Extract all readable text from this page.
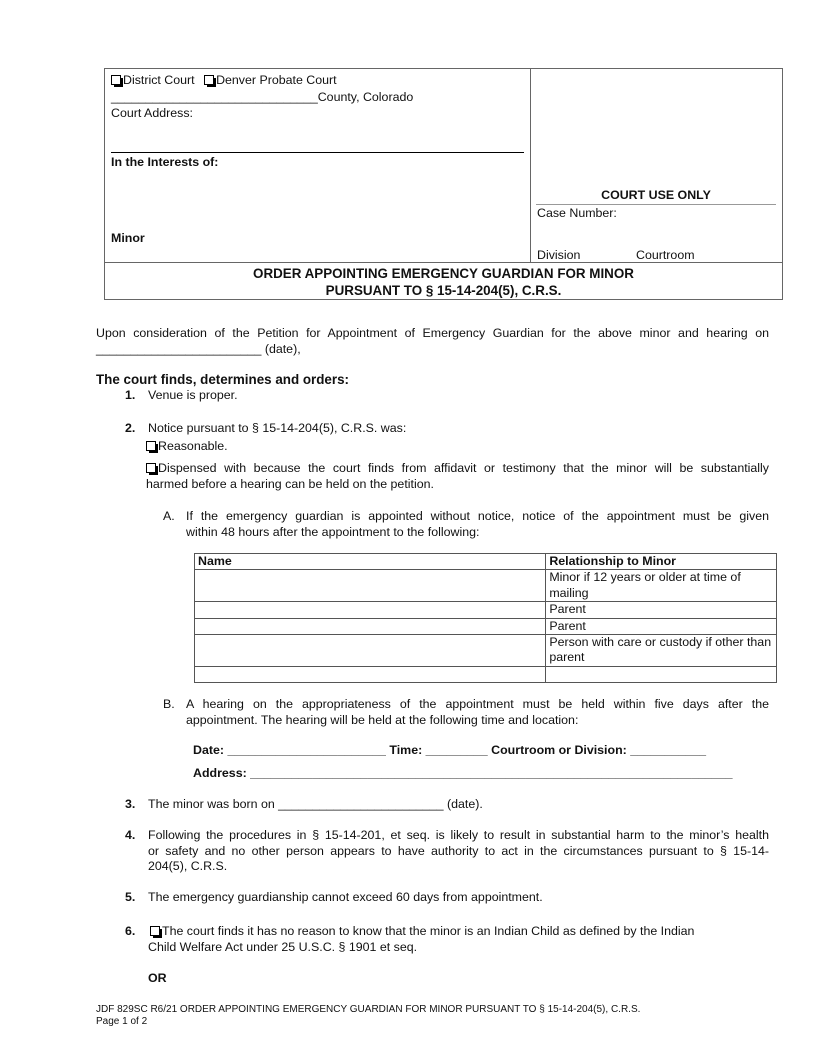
District Court Denver Probate Court
______________________________County, Colorado
Court Address:
In the Interests of:
Minor
COURT USE ONLY
Case Number:
Division	Courtroom
ORDER APPOINTING EMERGENCY GUARDIAN FOR MINOR
PURSUANT TO § 15-14-204(5), C.R.S.
Upon consideration of the Petition for Appointment of Emergency Guardian for the above minor and hearing on
________________________ (date),
The court finds, determines and orders:
1. Venue is proper.
2. Notice pursuant to § 15-14-204(5), C.R.S. was:
Reasonable.
Dispensed with because the court finds from affidavit or testimony that the minor will be substantially
harmed before a hearing can be held on the petition.
A. If the emergency guardian is appointed without notice, notice of the appointment must be given
within 48 hours after the appointment to the following:
Name	Relationship to Minor
	Minor if 12 years or older at time of mailing
	Parent
	Parent
	Person with care or custody if other than parent

B. A hearing on the appropriateness of the appointment must be held within five days after the
appointment. The hearing will be held at the following time and location:
Date: _______________________ Time: _________ Courtroom or Division: ___________
Address: ______________________________________________________________________
3. The minor was born on ________________________ (date).
4. Following the procedures in § 15-14-201, et seq. is likely to result in substantial harm to the minor’s health
or safety and no other person appears to have authority to act in the circumstances pursuant to § 15-14-
204(5), C.R.S.
5. The emergency guardianship cannot exceed 60 days from appointment.
6.	The court finds it has no reason to know that the minor is an Indian Child as defined by the Indian
Child Welfare Act under 25 U.S.C. § 1901 et seq.
OR
JDF 829SC R6/21 ORDER APPOINTING EMERGENCY GUARDIAN FOR MINOR PURSUANT TO § 15-14-204(5), C.R.S.
Page 1 of 2
